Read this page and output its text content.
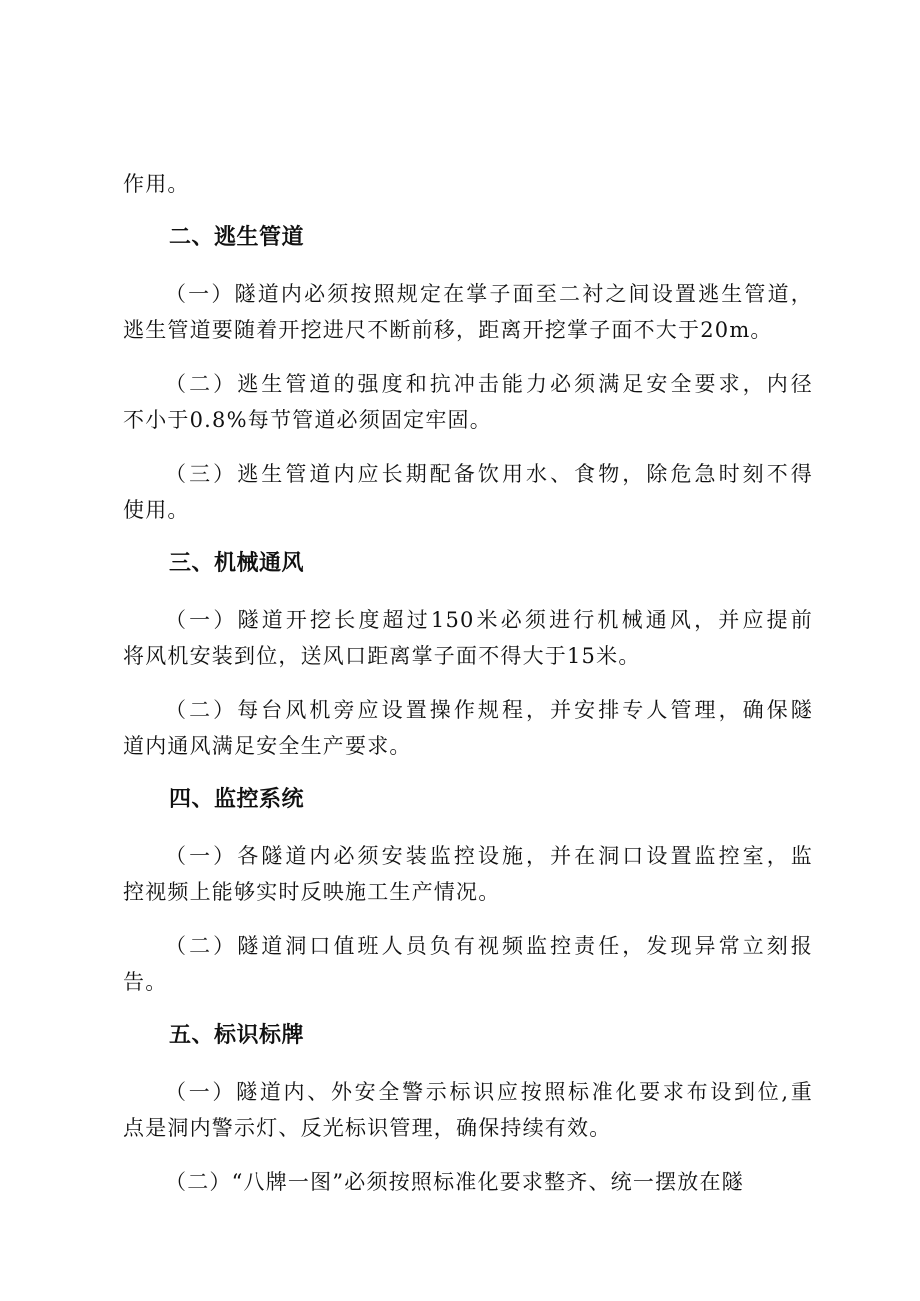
作用。
二、逃生管道
（一）隧道内必须按照规定在掌子面至二衬之间设置逃生管道，
逃生管道要随着开挖进尺不断前移，距离开挖掌子面不大于20m。
（二）逃生管道的强度和抗冲击能力必须满足安全要求，内径
不小于0.8%每节管道必须固定牢固。
（三）逃生管道内应长期配备饮用水、食物，除危急时刻不得
使用。
三、机械通风
（一）隧道开挖长度超过150米必须进行机械通风，并应提前
将风机安装到位，送风口距离掌子面不得大于15米。
（二）每台风机旁应设置操作规程，并安排专人管理，确保隧
道内通风满足安全生产要求。
四、监控系统
（一）各隧道内必须安装监控设施，并在洞口设置监控室，监
控视频上能够实时反映施工生产情况。
（二）隧道洞口值班人员负有视频监控责任，发现异常立刻报
告。
五、标识标牌
（一）隧道内、外安全警示标识应按照标准化要求布设到位,重
点是洞内警示灯、反光标识管理，确保持续有效。
（二）“八牌一图”必须按照标准化要求整齐、统一摆放在隧
